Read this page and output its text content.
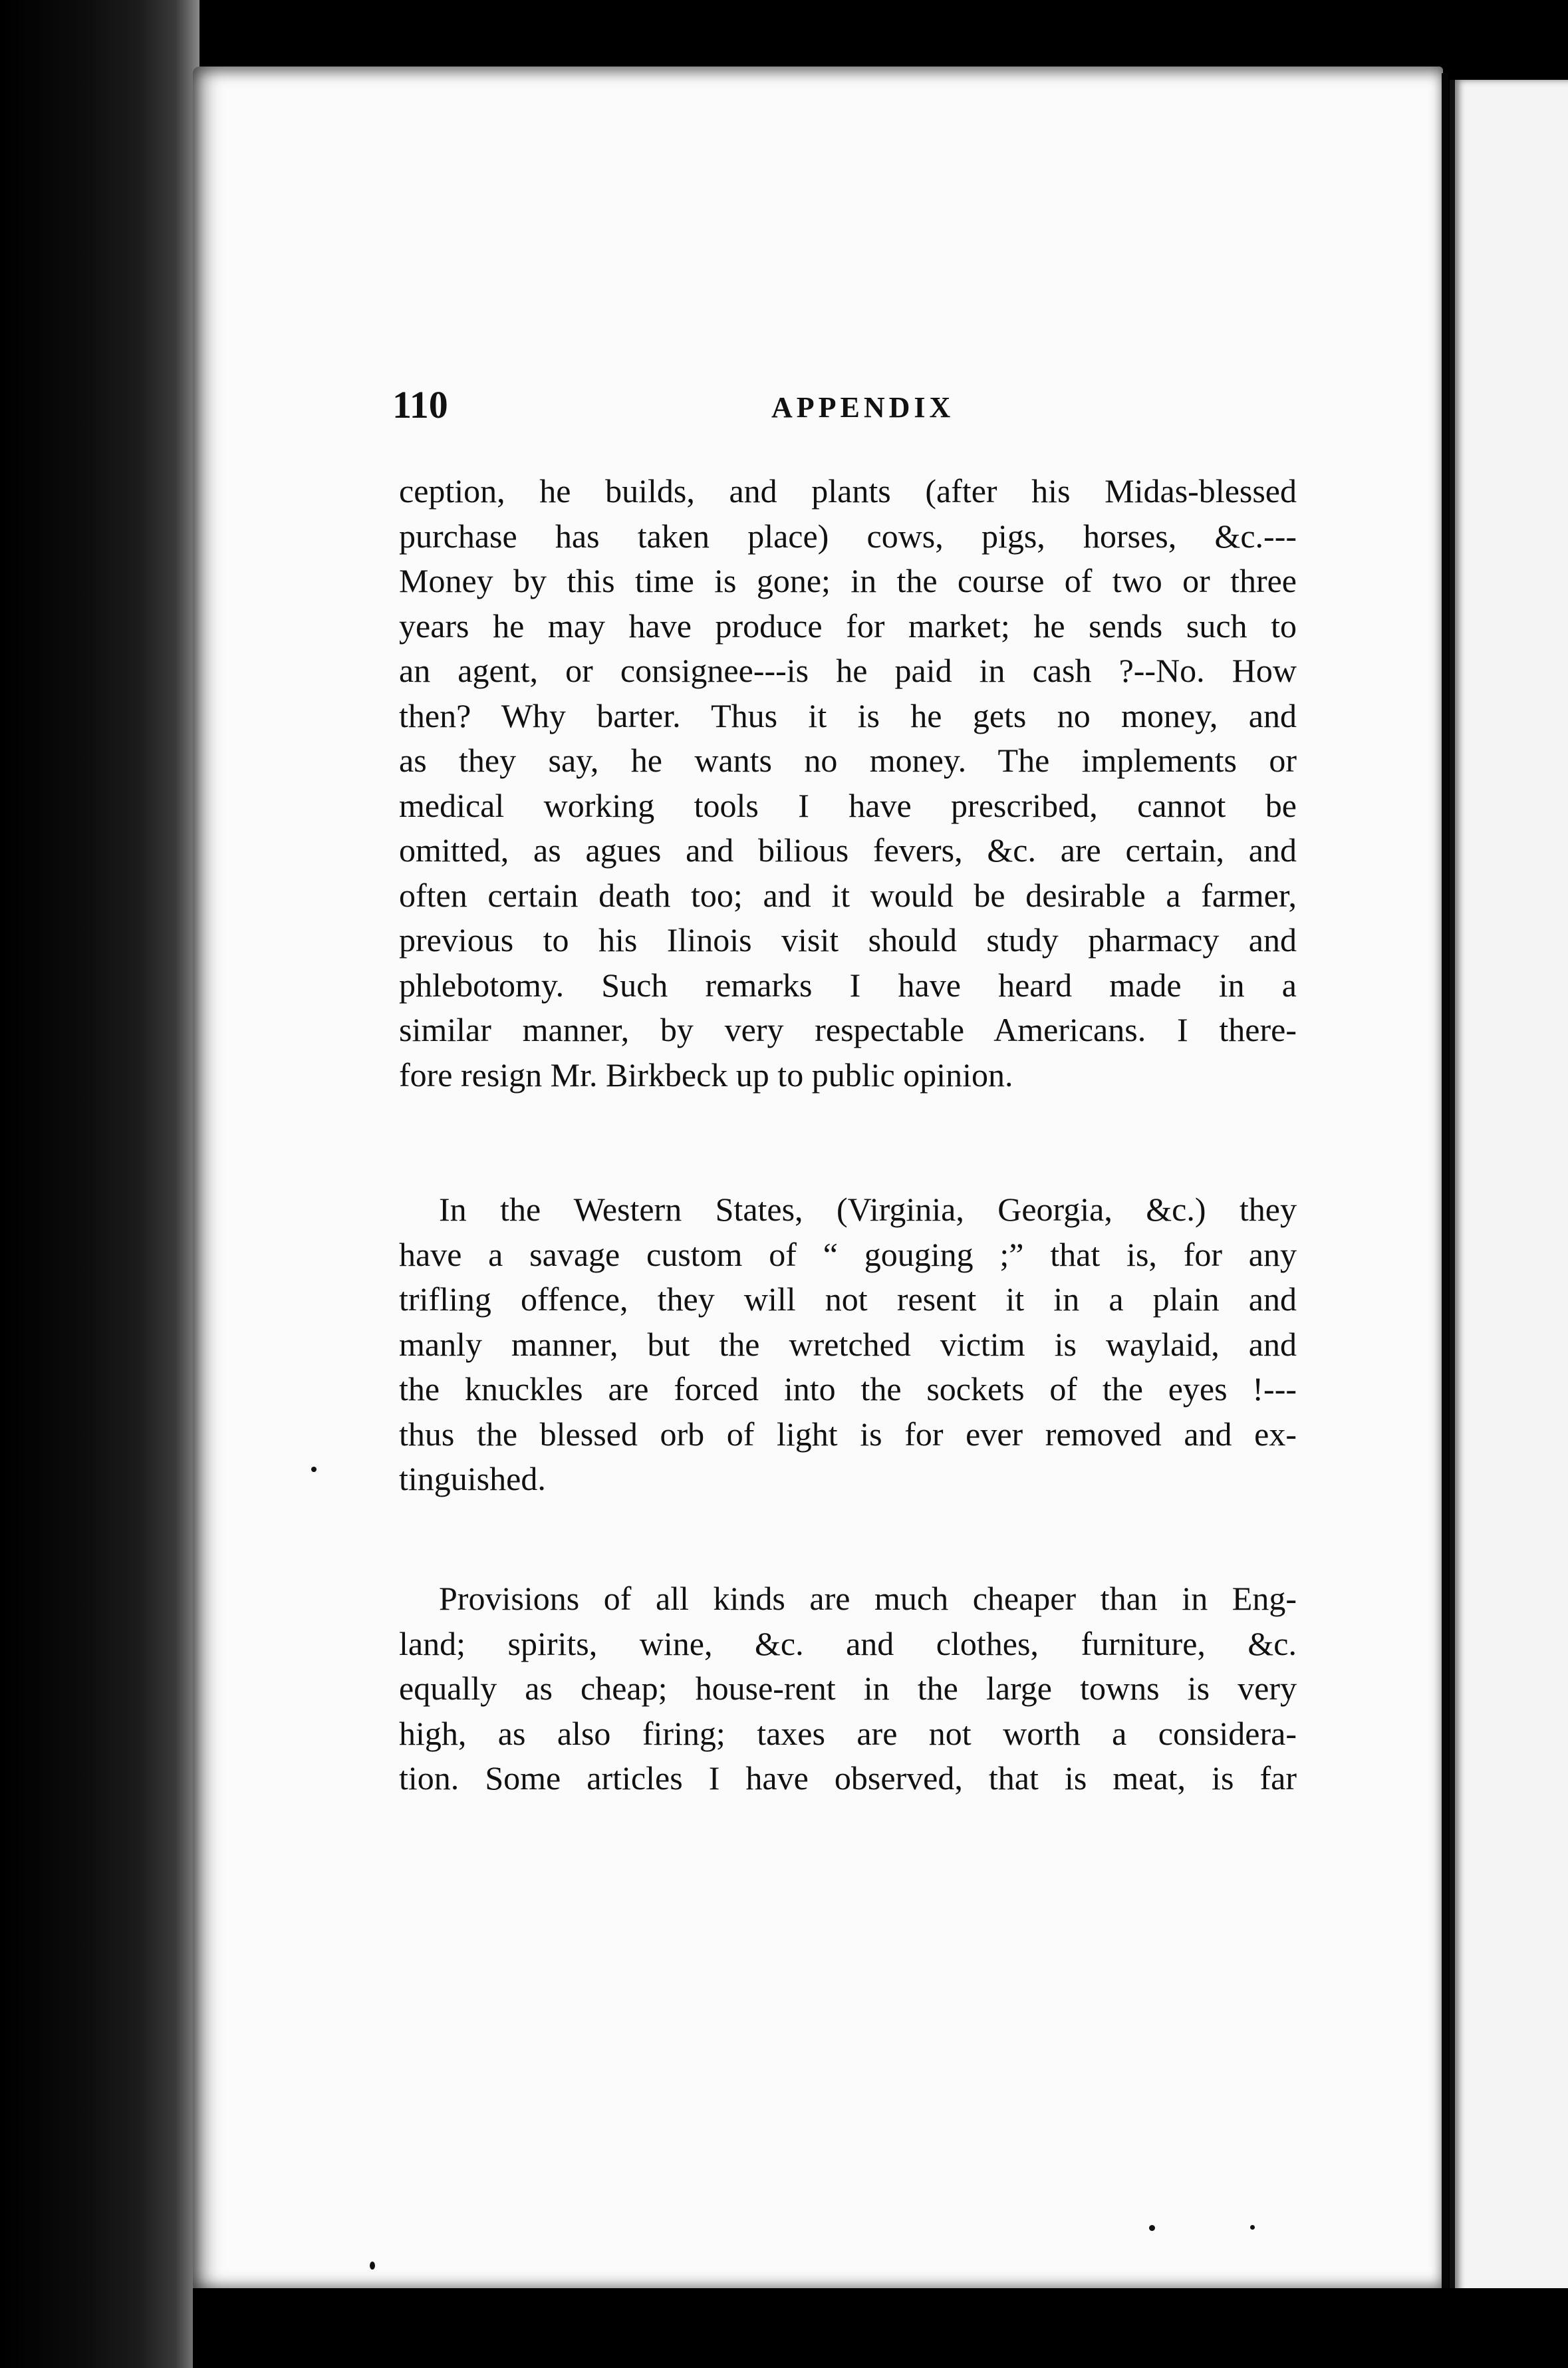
110	APPENDIX
ception, he builds, and plants (after his Midas-blessed
purchase has taken place) cows, pigs, horses, &c.---
Money by this time is gone; in the course of two or three
years he may have produce for market; he sends such to
an agent, or consignee---is he paid in cash ?--No. How
then? Why barter. Thus it is he gets no money, and
as they say, he wants no money. The implements or
medical working tools I have prescribed, cannot be
omitted, as agues and bilious fevers, &c. are certain, and
often certain death too; and it would be desirable a farmer,
previous to his Ilinois visit should study pharmacy and
phlebotomy. Such remarks I have heard made in a
similar manner, by very respectable Americans. I there-
fore resign Mr. Birkbeck up to public opinion.
In the Western States, (Virginia, Georgia, &c.) they
have a savage custom of “ gouging ;” that is, for any
trifling offence, they will not resent it in a plain and
manly manner, but the wretched victim is waylaid, and
the knuckles are forced into the sockets of the eyes !---
thus the blessed orb of light is for ever removed and ex-
tinguished.
Provisions of all kinds are much cheaper than in Eng-
land; spirits, wine, &c. and clothes, furniture, &c.
equally as cheap; house-rent in the large towns is very
high, as also firing; taxes are not worth a considera-
tion. Some articles I have observed, that is meat, is far
